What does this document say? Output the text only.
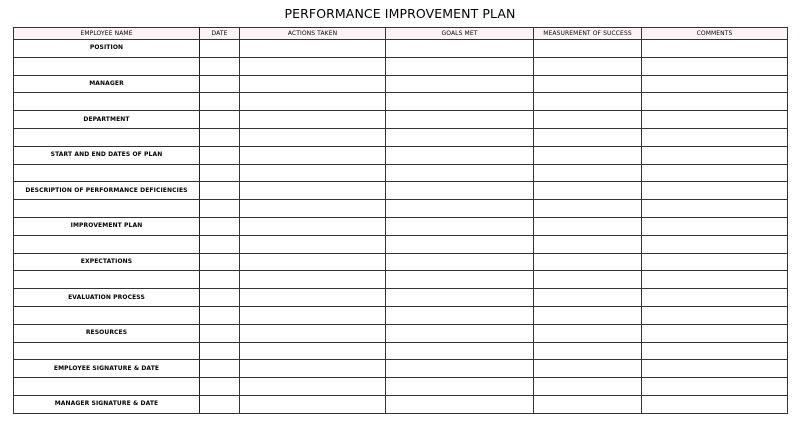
PERFORMANCE IMPROVEMENT PLAN
EMPLOYEE NAME	DATE	ACTIONS TAKEN	GOALS MET	MEASUREMENT OF SUCCESS	COMMENTS
POSITION					

MANAGER					

DEPARTMENT					

START AND END DATES OF PLAN					

DESCRIPTION OF PERFORMANCE DEFICIENCIES					

IMPROVEMENT PLAN					

EXPECTATIONS					

EVALUATION PROCESS					

RESOURCES					

EMPLOYEE SIGNATURE & DATE					

MANAGER SIGNATURE & DATE					
